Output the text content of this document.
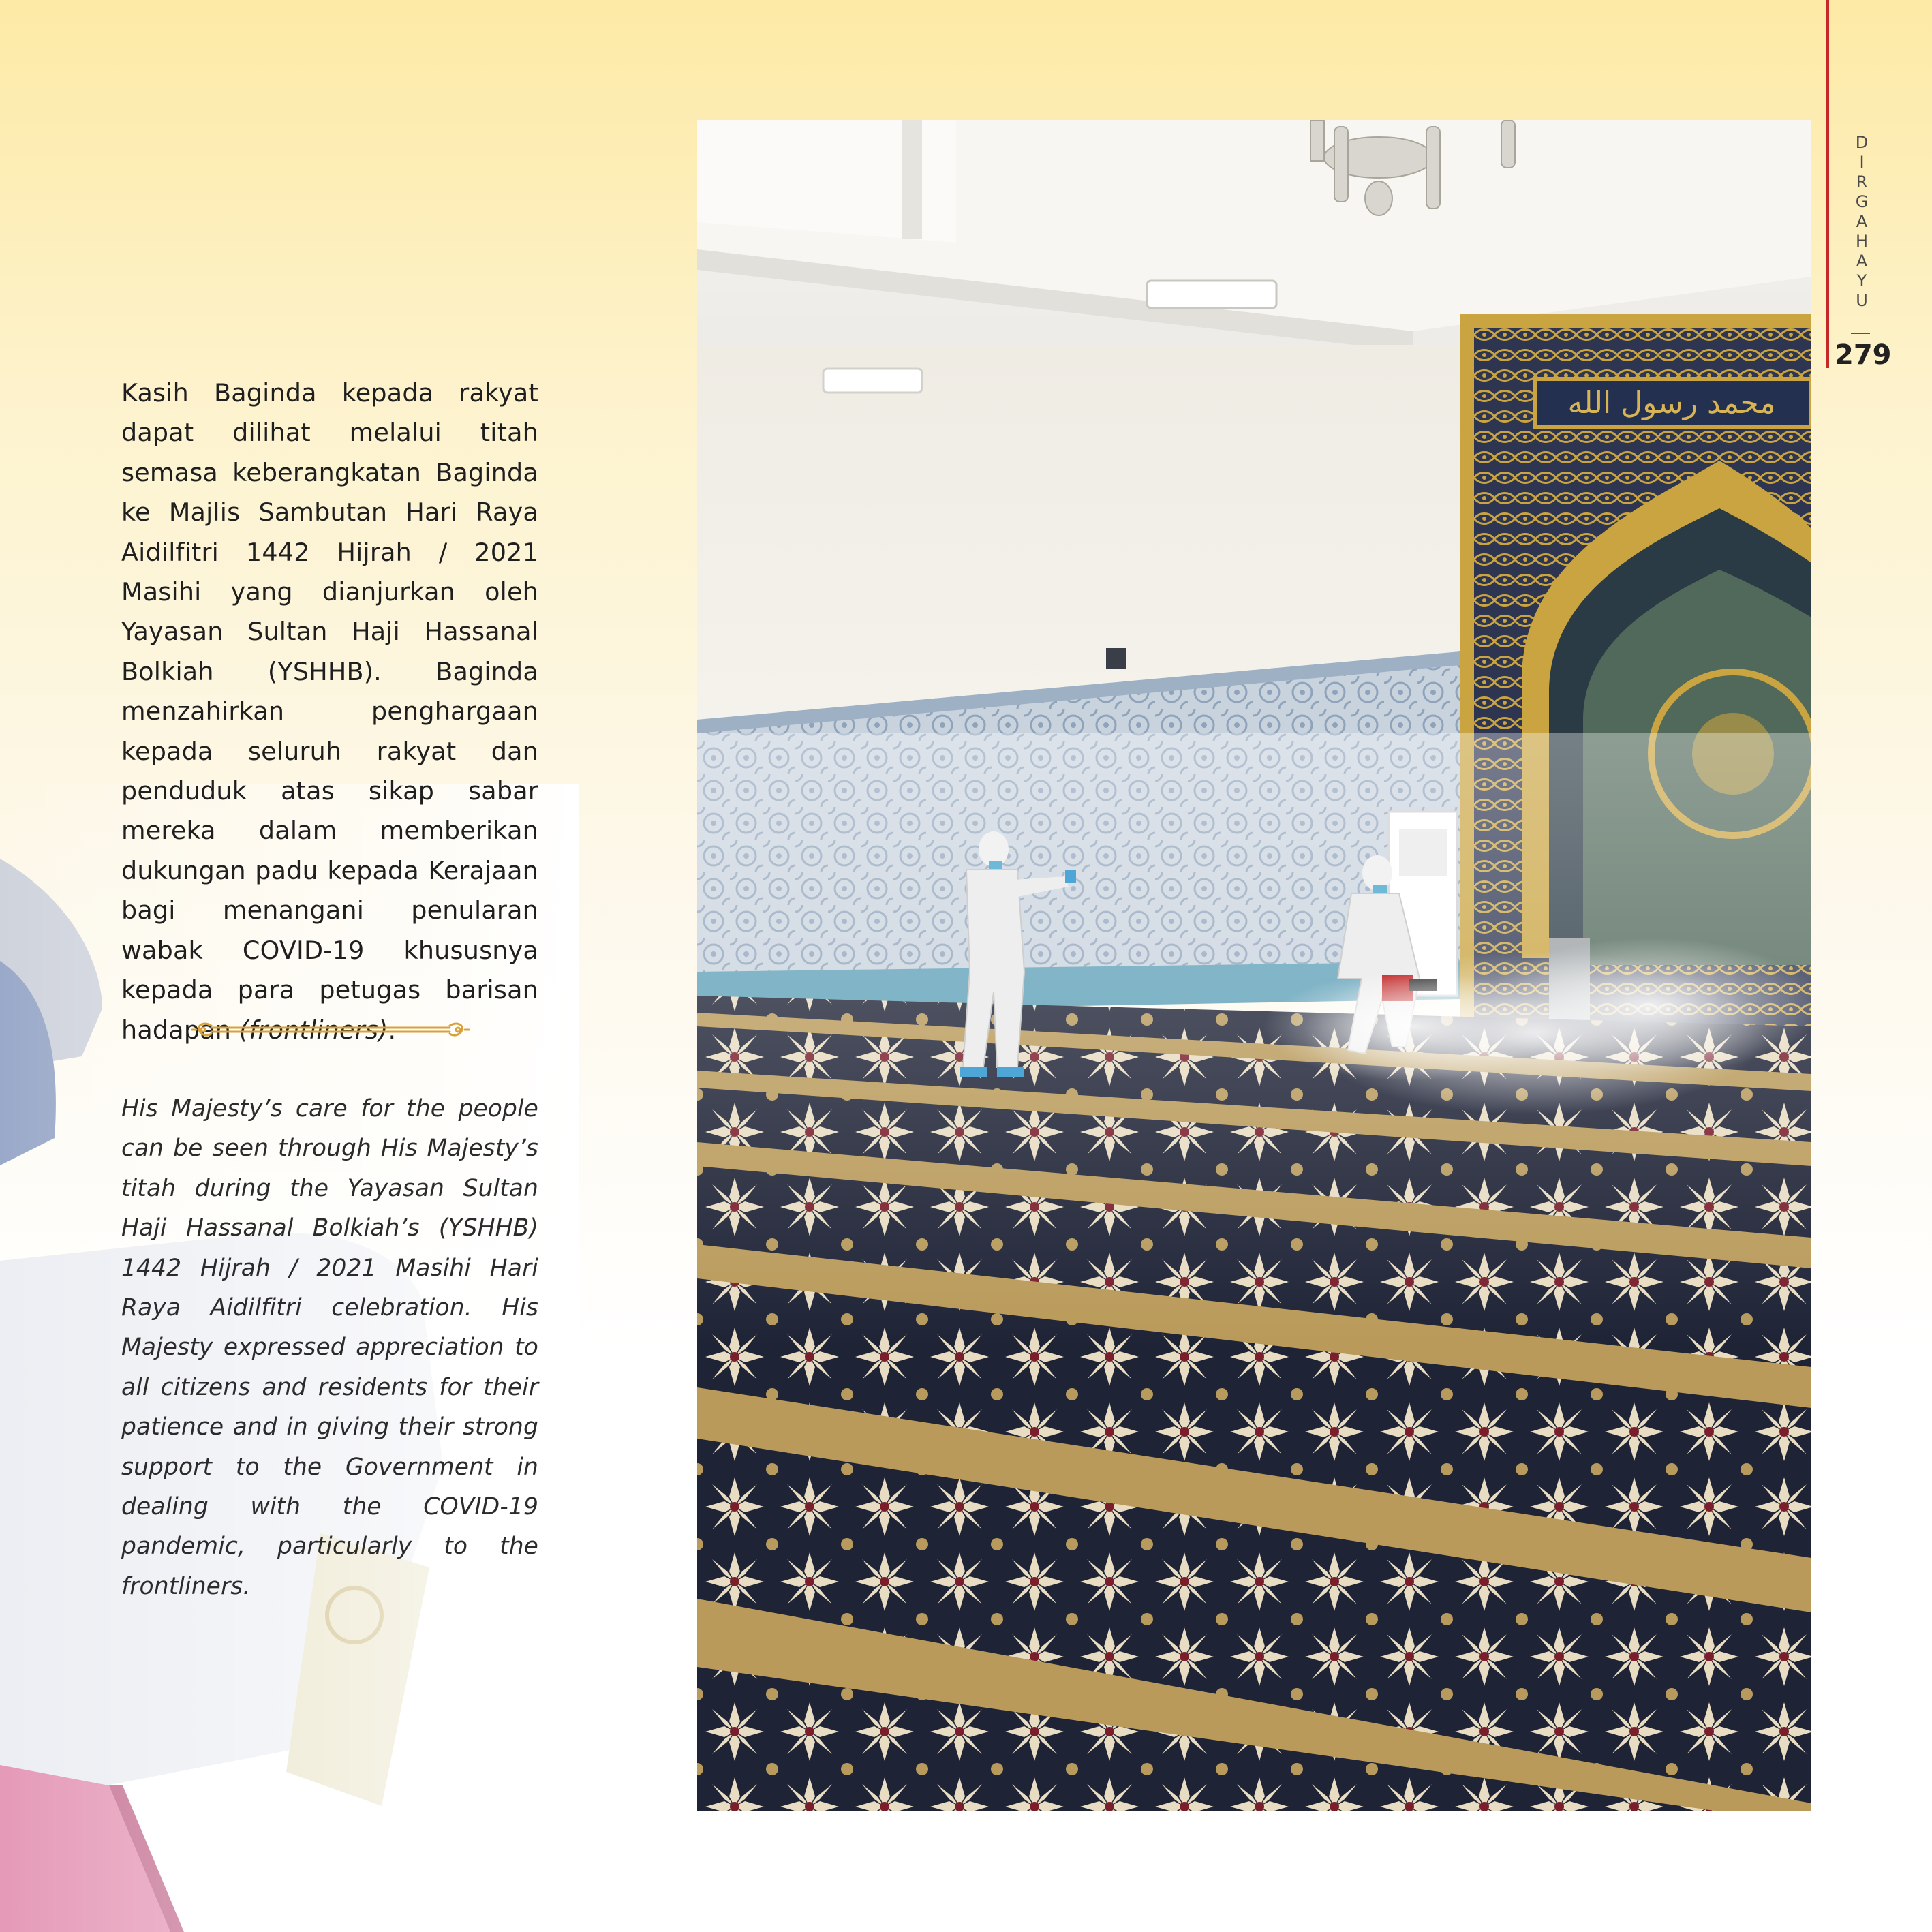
D
I
R
G
A
H
A
Y
U
279

Kasih Baginda kepada rakyat dapat dilihat melalui titah semasa keberangkatan Baginda ke Majlis Sambutan Hari Raya Aidilfitri 1442 Hijrah / 2021 Masihi yang dianjurkan oleh Yayasan Sultan Haji Hassanal Bolkiah (YSHHB). Baginda menzahirkan penghargaan kepada seluruh rakyat dan penduduk atas sikap sabar mereka dalam memberikan dukungan padu kepada Kerajaan bagi menangani penularan wabak COVID-19 khususnya kepada para petugas barisan hadapan (frontliners).

His Majesty’s care for the people can be seen through His Majesty’s titah during the Yayasan Sultan Haji Hassanal Bolkiah’s (YSHHB) 1442 Hijrah / 2021 Masihi Hari Raya Aidilfitri celebration. His Majesty expressed appreciation to all citizens and residents for their patience and in giving their strong support to the Government in dealing with the COVID-19 pandemic, particularly to the frontliners.

محمد رسول الله
